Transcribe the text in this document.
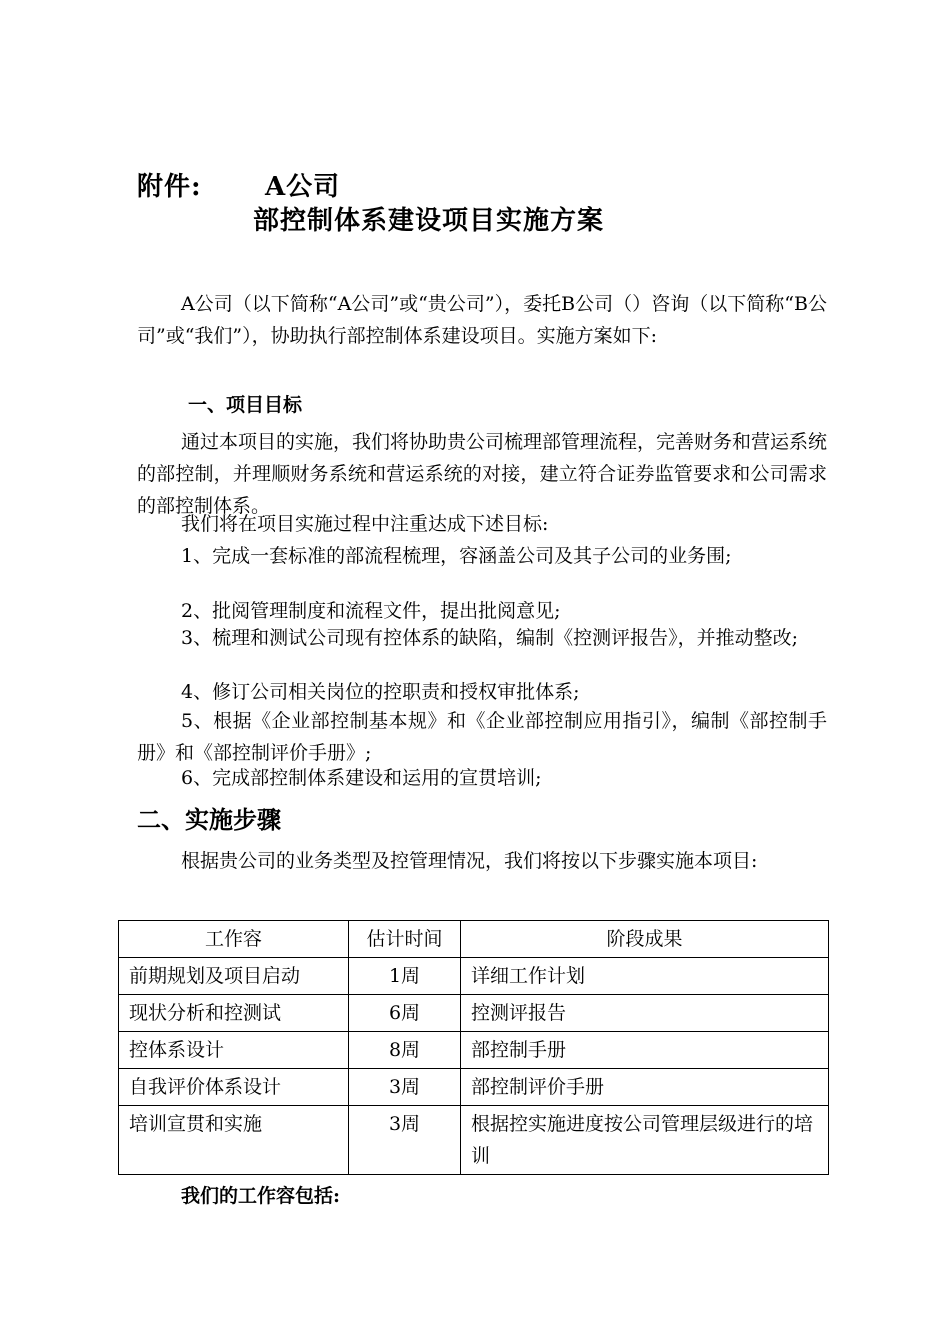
附件: A公司
部控制体系建设项目实施方案
A公司（以下简称“A公司”或“贵公司”），委托B公司（）咨询（以下简称“B公司”或“我们”），协助执行部控制体系建设项目。实施方案如下:
一、项目目标
通过本项目的实施，我们将协助贵公司梳理部管理流程，完善财务和营运系统的部控制，并理顺财务系统和营运系统的对接，建立符合证券监管要求和公司需求的部控制体系。
我们将在项目实施过程中注重达成下述目标:
1、完成一套标准的部流程梳理，容涵盖公司及其子公司的业务围;
2、批阅管理制度和流程文件，提出批阅意见;
3、梳理和测试公司现有控体系的缺陷，编制《控测评报告》，并推动整改;
4、修订公司相关岗位的控职责和授权审批体系;
5、根据《企业部控制基本规》和《企业部控制应用指引》，编制《部控制手册》和《部控制评价手册》;
6、完成部控制体系建设和运用的宣贯培训;
二、实施步骤
根据贵公司的业务类型及控管理情况，我们将按以下步骤实施本项目:
工作容	估计时间	阶段成果
前期规划及项目启动	1周	详细工作计划
现状分析和控测试	6周	控测评报告
控体系设计	8周	部控制手册
自我评价体系设计	3周	部控制评价手册
培训宣贯和实施	3周	根据控实施进度按公司管理层级进行的培训
我们的工作容包括:
